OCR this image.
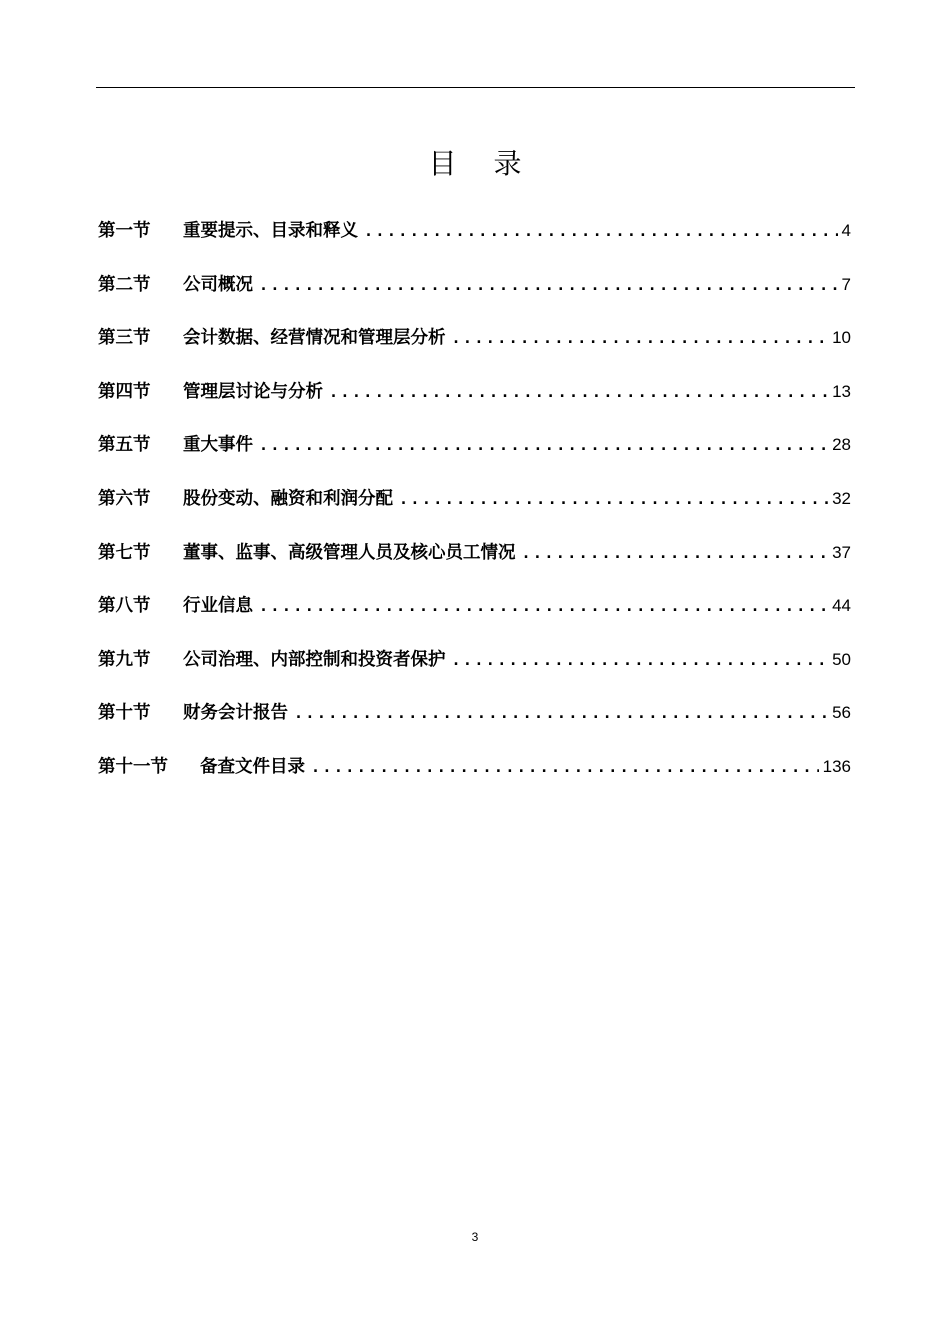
目 录
第一节	重要提示、目录和释义 .....	4
第二节	公司概况 .....	7
第三节	会计数据、经营情况和管理层分析 .....	10
第四节	管理层讨论与分析 .....	13
第五节	重大事件 .....	28
第六节	股份变动、融资和利润分配 .....	32
第七节	董事、监事、高级管理人员及核心员工情况 .....	37
第八节	行业信息 .....	44
第九节	公司治理、内部控制和投资者保护 .....	50
第十节	财务会计报告 .....	56
第十一节	备查文件目录 .....	136
3
